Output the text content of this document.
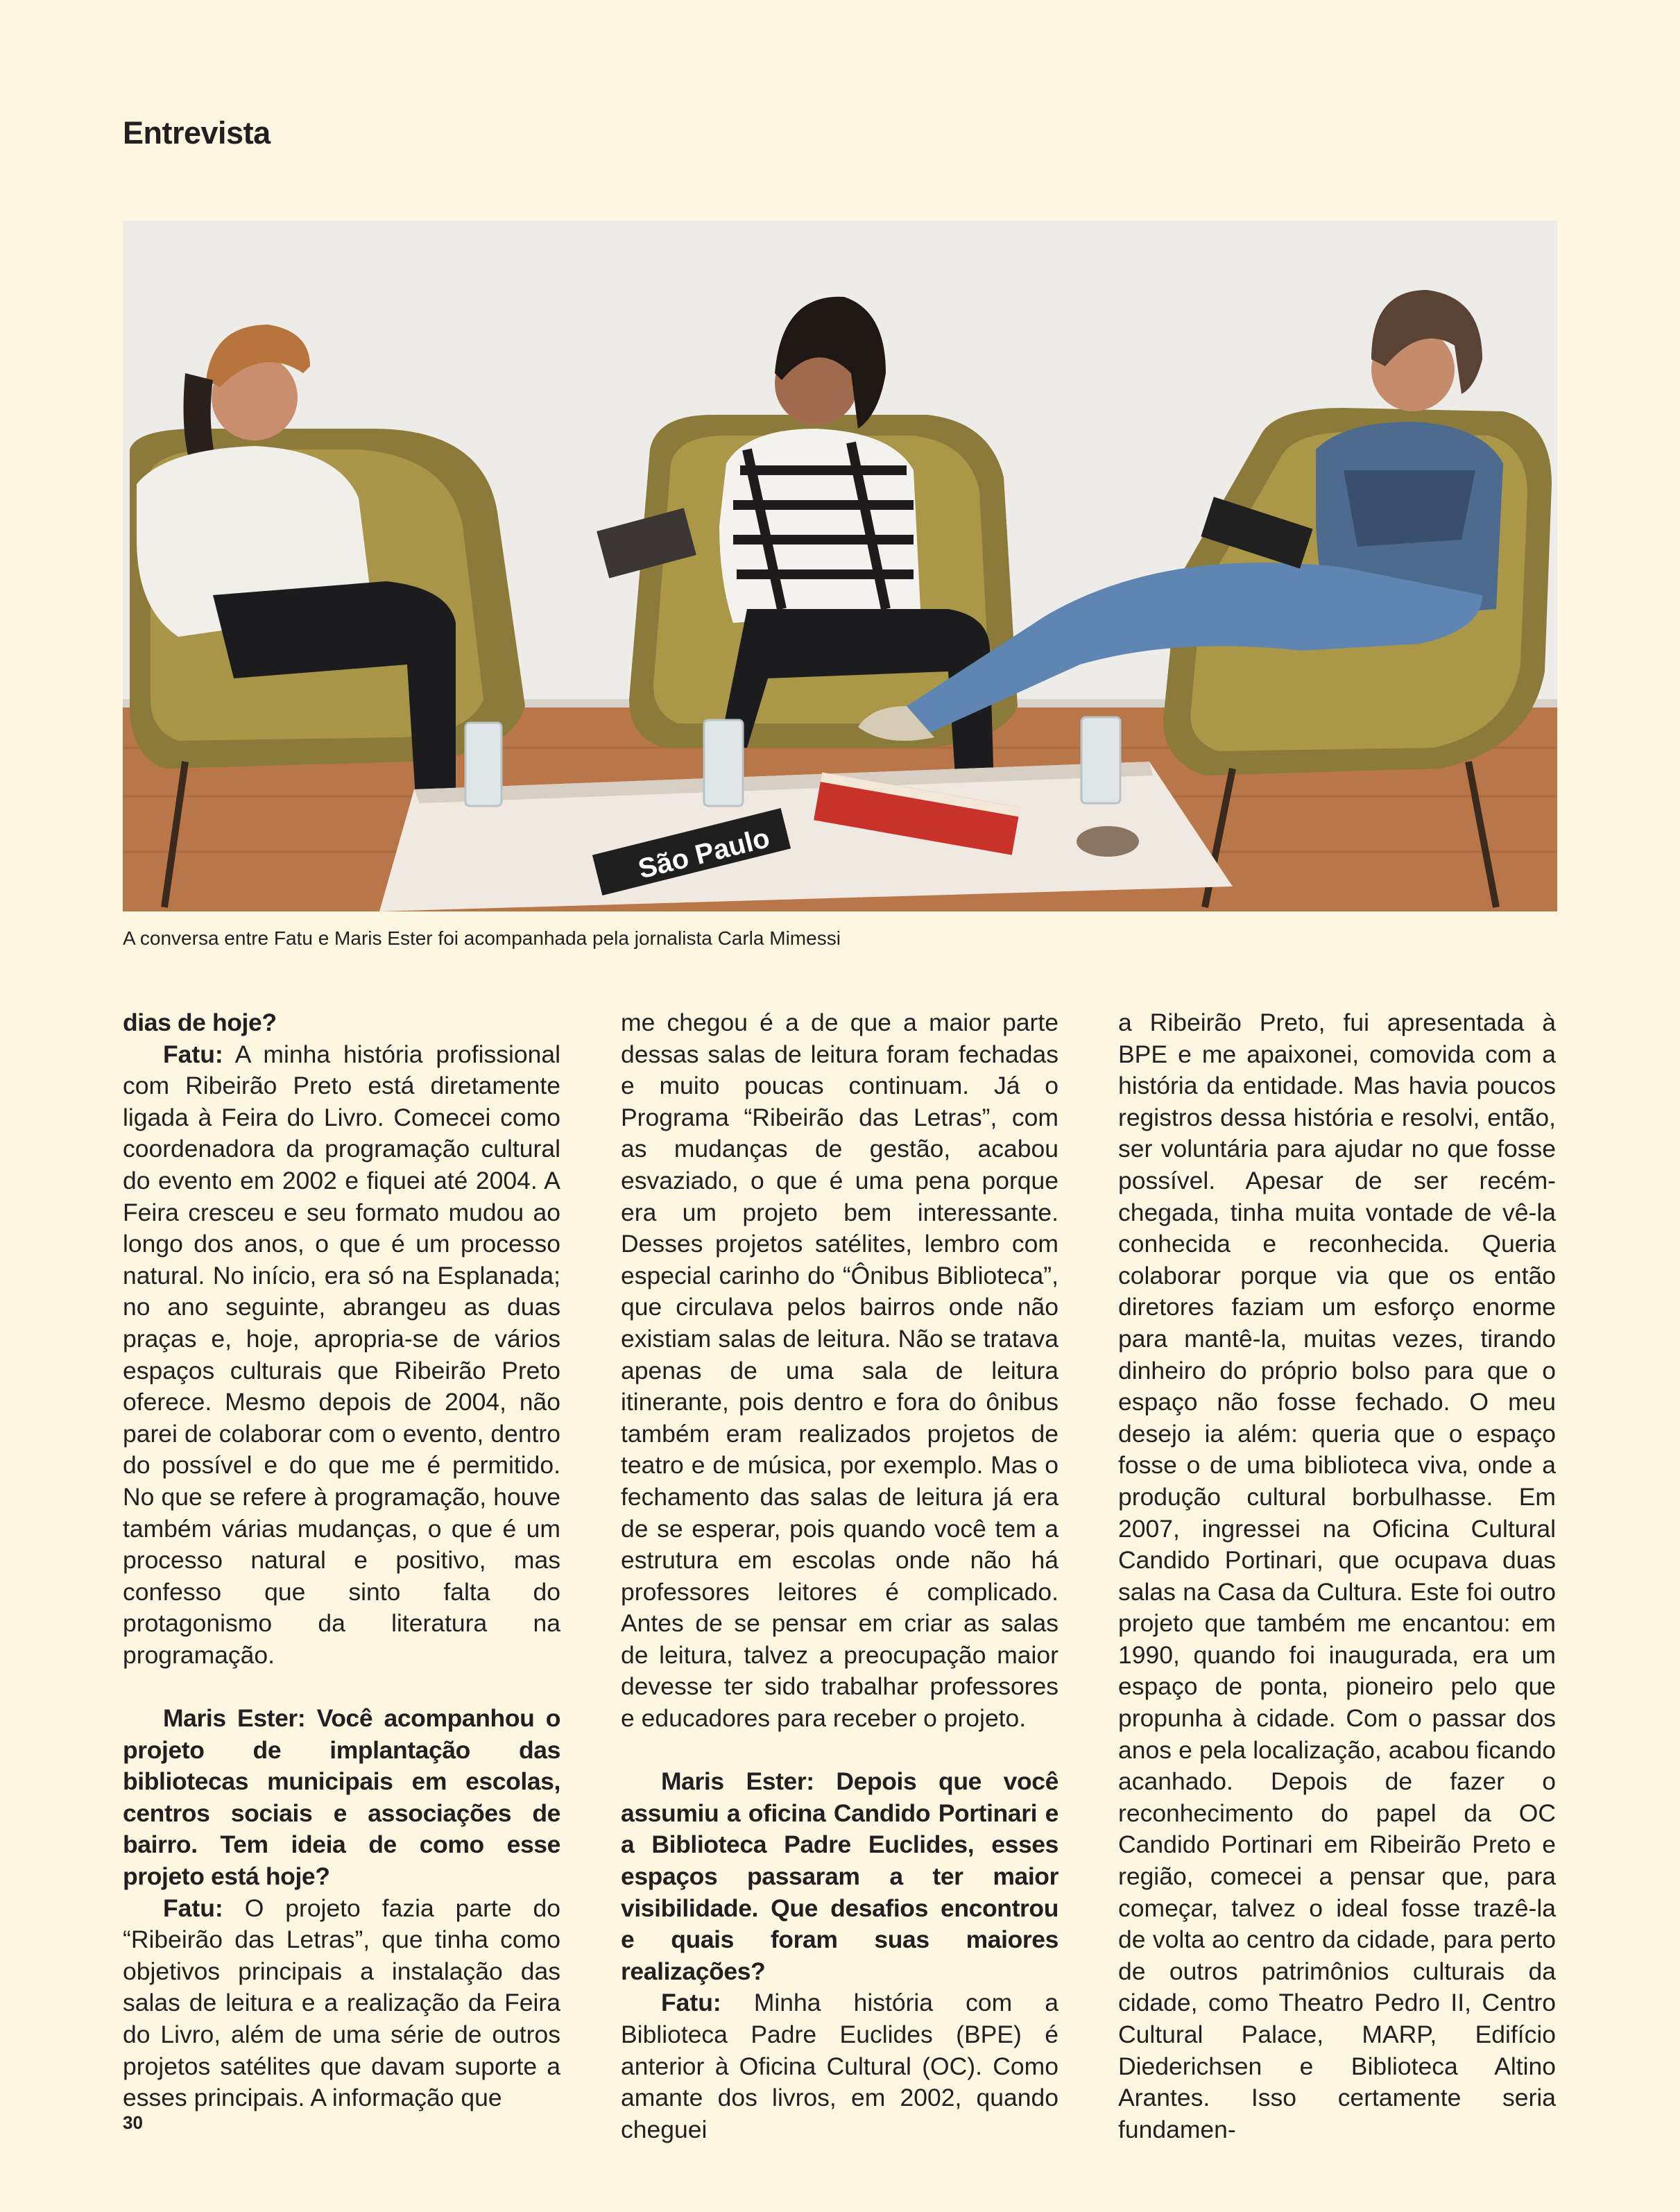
Entrevista
São Paulo

A conversa entre Fatu e Maris Ester foi acompanhada pela jornalista Carla Mimessi

dias de hoje?

Fatu: A minha história profissional com Ribeirão Preto está diretamente ligada à Feira do Livro. Comecei como coordenadora da programação cultural do evento em 2002 e fiquei até 2004. A Feira cresceu e seu formato mudou ao longo dos anos, o que é um processo natural. No início, era só na Esplanada; no ano seguinte, abrangeu as duas praças e, hoje, apropria-se de vários espaços culturais que Ribeirão Preto oferece. Mesmo depois de 2004, não parei de colaborar com o evento, dentro do possível e do que me é permitido. No que se refere à programação, houve também várias mudanças, o que é um processo natural e positivo, mas confesso que sinto falta do protagonismo da literatura na programação.

Maris Ester: Você acompanhou o projeto de implantação das bibliotecas municipais em escolas, centros sociais e associações de bairro. Tem ideia de como esse projeto está hoje?

Fatu: O projeto fazia parte do “Ribeirão das Letras”, que tinha como objetivos principais a instalação das salas de leitura e a realização da Feira do Livro, além de uma série de outros projetos satélites que davam suporte a esses principais. A informação que

me chegou é a de que a maior parte dessas salas de leitura foram fechadas e muito poucas continuam. Já o Programa “Ribeirão das Letras”, com as mudanças de gestão, acabou esvaziado, o que é uma pena porque era um projeto bem interessante. Desses projetos satélites, lembro com especial carinho do “Ônibus Biblioteca”, que circulava pelos bairros onde não existiam salas de leitura. Não se tratava apenas de uma sala de leitura itinerante, pois dentro e fora do ônibus também eram realizados projetos de teatro e de música, por exemplo. Mas o fechamento das salas de leitura já era de se esperar, pois quando você tem a estrutura em escolas onde não há professores leitores é complicado. Antes de se pensar em criar as salas de leitura, talvez a preocupação maior devesse ter sido trabalhar professores e educadores para receber o projeto.

Maris Ester: Depois que você assumiu a oficina Candido Portinari e a Biblioteca Padre Euclides, esses espaços passaram a ter maior visibilidade. Que desafios encontrou e quais foram suas maiores realizações?

Fatu: Minha história com a Biblioteca Padre Euclides (BPE) é anterior à Oficina Cultural (OC). Como amante dos livros, em 2002, quando cheguei

a Ribeirão Preto, fui apresentada à BPE e me apaixonei, comovida com a história da entidade. Mas havia poucos registros dessa história e resolvi, então, ser voluntária para ajudar no que fosse possível. Apesar de ser recém-chegada, tinha muita vontade de vê-la conhecida e reconhecida. Queria colaborar porque via que os então diretores faziam um esforço enorme para mantê-la, muitas vezes, tirando dinheiro do próprio bolso para que o espaço não fosse fechado. O meu desejo ia além: queria que o espaço fosse o de uma biblioteca viva, onde a produção cultural borbulhasse. Em 2007, ingressei na Oficina Cultural Candido Portinari, que ocupava duas salas na Casa da Cultura. Este foi outro projeto que também me encantou: em 1990, quando foi inaugurada, era um espaço de ponta, pioneiro pelo que propunha à cidade. Com o passar dos anos e pela localização, acabou ficando acanhado. Depois de fazer o reconhecimento do papel da OC Candido Portinari em Ribeirão Preto e região, comecei a pensar que, para começar, talvez o ideal fosse trazê-la de volta ao centro da cidade, para perto de outros patrimônios culturais da cidade, como Theatro Pedro II, Centro Cultural Palace, MARP, Edifício Diederichsen e Biblioteca Altino Arantes. Isso certamente seria fundamen-

30
